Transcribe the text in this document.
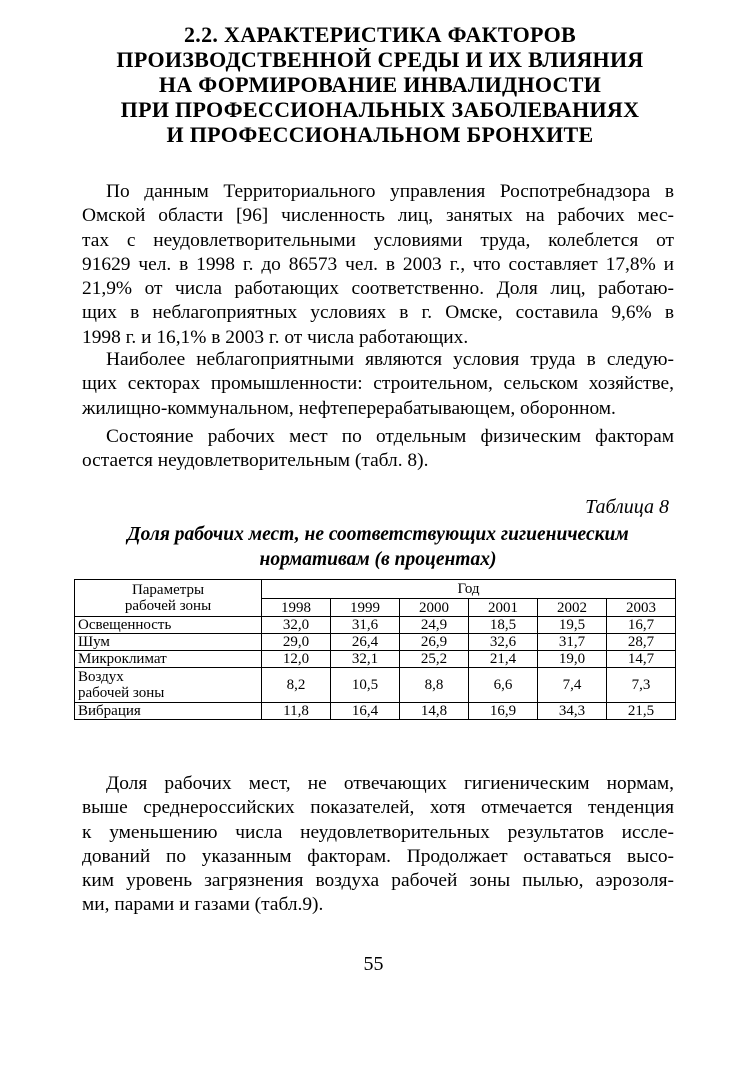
2.2. ХАРАКТЕРИСТИКА ФАКТОРОВ
ПРОИЗВОДСТВЕННОЙ СРЕДЫ И ИХ ВЛИЯНИЯ
НА ФОРМИРОВАНИЕ ИНВАЛИДНОСТИ
ПРИ ПРОФЕССИОНАЛЬНЫХ ЗАБОЛЕВАНИЯХ
И ПРОФЕССИОНАЛЬНОМ БРОНХИТЕ

По данным Территориального управления Роспотребнадзора в
Омской области [96] численность лиц, занятых на рабочих мес-
тах с неудовлетворительными условиями труда, колеблется от
91629 чел. в 1998 г. до 86573 чел. в 2003 г., что составляет 17,8% и
21,9% от числа работающих соответственно. Доля лиц, работаю-
щих в неблагоприятных условиях в г. Омске, составила 9,6% в
1998 г. и 16,1% в 2003 г. от числа работающих.

Наиболее неблагоприятными являются условия труда в следую-
щих секторах промышленности: строительном, сельском хозяйстве,
жилищно-коммунальном, нефтеперерабатывающем, оборонном.

Состояние рабочих мест по отдельным физическим факторам
остается неудовлетворительным (табл. 8).

Таблица 8

Доля рабочих мест, не соответствующих гигиеническим
нормативам (в процентах)

Параметры
рабочей зоны	Год					
	1998	1999	2000	2001	2002	2003

Освещенность	32,0	31,6	24,9	18,5	19,5	16,7

Шум	29,0	26,4	26,9	32,6	31,7	28,7

Микроклимат	12,0	32,1	25,2	21,4	19,0	14,7

Воздух
рабочей зоны	8,2	10,5	8,8	6,6	7,4	7,3

Вибрация	11,8	16,4	14,8	16,9	34,3	21,5

Доля рабочих мест, не отвечающих гигиеническим нормам,
выше среднероссийских показателей, хотя отмечается тенденция
к уменьшению числа неудовлетворительных результатов иссле-
дований по указанным факторам. Продолжает оставаться высо-
ким уровень загрязнения воздуха рабочей зоны пылью, аэрозоля-
ми, парами и газами (табл.9).

55
